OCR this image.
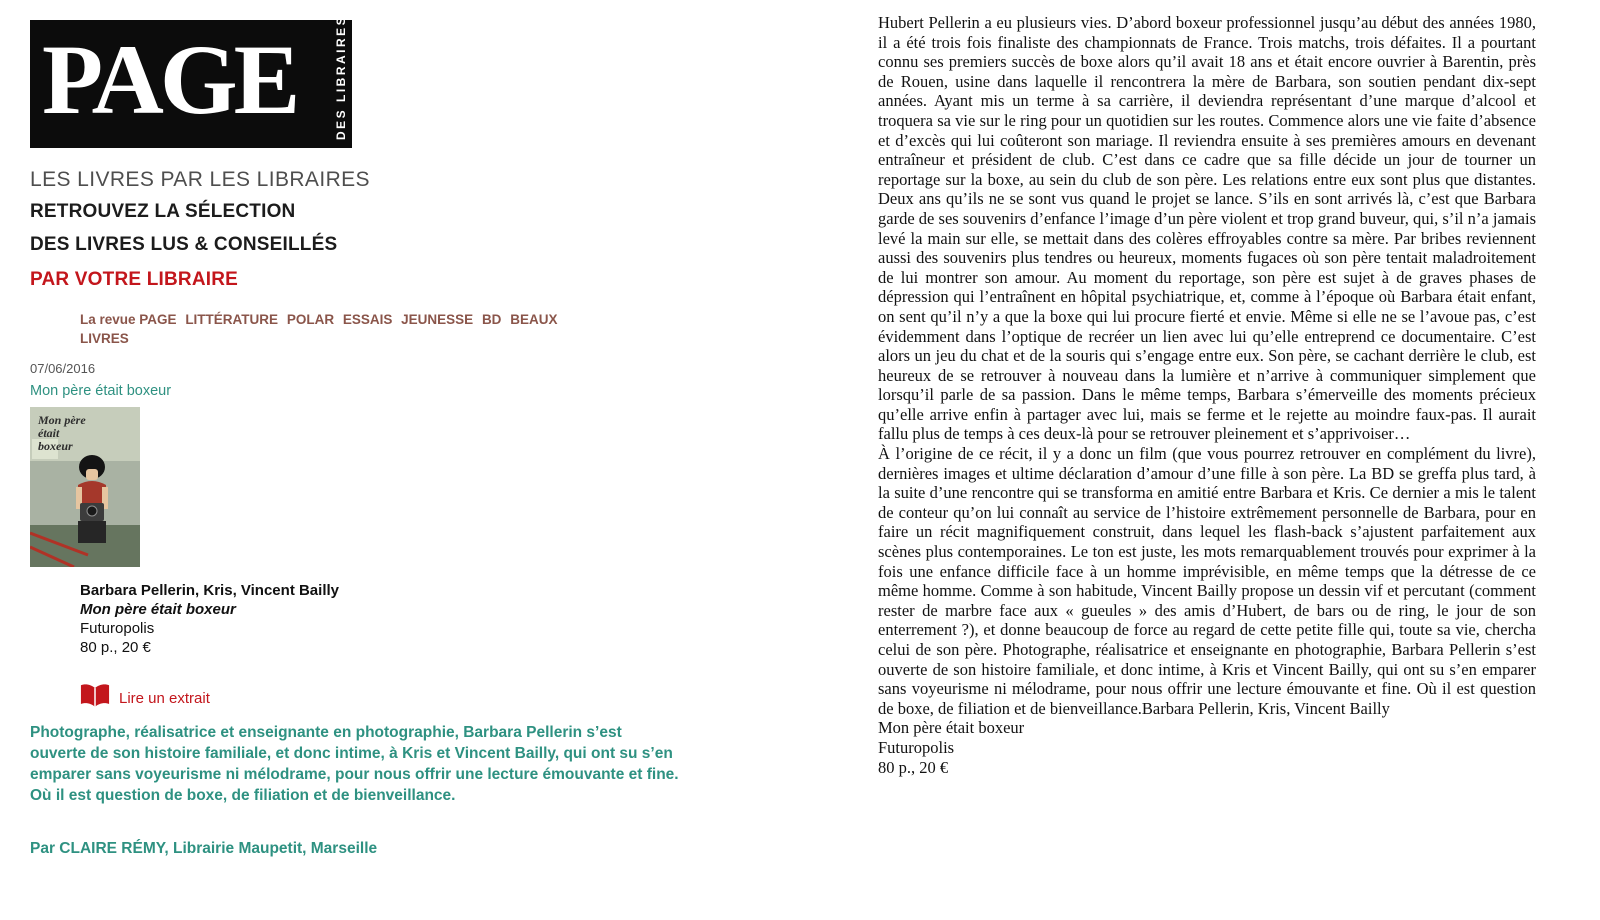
PAGE	DES LIBRAIRES
LES LIVRES PAR LES LIBRAIRES
RETROUVEZ LA SÉLECTION
DES LIVRES LUS & CONSEILLÉS
PAR VOTRE LIBRAIRE
La revue PAGE LITTÉRATURE POLAR ESSAIS JEUNESSE BD BEAUX LIVRES
07/06/2016
Mon père était boxeur
Mon père
était
boxeur
Barbara Pellerin, Kris, Vincent Bailly
Mon père était boxeur
Futuropolis
80 p., 20 €
Lire un extrait

Photographe, réalisatrice et enseignante en photographie, Barbara Pellerin s’est ouverte de son histoire familiale, et donc intime, à Kris et Vincent Bailly, qui ont su s’en emparer sans voyeurisme ni mélodrame, pour nous offrir une lecture émouvante et fine. Où il est question de boxe, de filiation et de bienveillance.

Par CLAIRE RÉMY, Librairie Maupetit, Marseille

Hubert Pellerin a eu plusieurs vies. D’abord boxeur professionnel jusqu’au début des années 1980, il a été trois fois finaliste des championnats de France. Trois matchs, trois défaites. Il a pourtant connu ses premiers succès de boxe alors qu’il avait 18 ans et était encore ouvrier à Barentin, près de Rouen, usine dans laquelle il rencontrera la mère de Barbara, son soutien pendant dix-sept années. Ayant mis un terme à sa carrière, il deviendra représentant d’une marque d’alcool et troquera sa vie sur le ring pour un quotidien sur les routes. Commence alors une vie faite d’absence et d’excès qui lui coûteront son mariage. Il reviendra ensuite à ses premières amours en devenant entraîneur et président de club. C’est dans ce cadre que sa fille décide un jour de tourner un reportage sur la boxe, au sein du club de son père. Les relations entre eux sont plus que distantes. Deux ans qu’ils ne se sont vus quand le projet se lance. S’ils en sont arrivés là, c’est que Barbara garde de ses souvenirs d’enfance l’image d’un père violent et trop grand buveur, qui, s’il n’a jamais levé la main sur elle, se mettait dans des colères effroyables contre sa mère. Par bribes reviennent aussi des souvenirs plus tendres ou heureux, moments fugaces où son père tentait maladroitement de lui montrer son amour. Au moment du reportage, son père est sujet à de graves phases de dépression qui l’entraînent en hôpital psychiatrique, et, comme à l’époque où Barbara était enfant, on sent qu’il n’y a que la boxe qui lui procure fierté et envie. Même si elle ne se l’avoue pas, c’est évidemment dans l’optique de recréer un lien avec lui qu’elle entreprend ce documentaire. C’est alors un jeu du chat et de la souris qui s’engage entre eux. Son père, se cachant derrière le club, est heureux de se retrouver à nouveau dans la lumière et n’arrive à communiquer simplement que lorsqu’il parle de sa passion. Dans le même temps, Barbara s’émerveille des moments précieux qu’elle arrive enfin à partager avec lui, mais se ferme et le rejette au moindre faux-pas. Il aurait fallu plus de temps à ces deux-là pour se retrouver pleinement et s’apprivoiser…

À l’origine de ce récit, il y a donc un film (que vous pourrez retrouver en complément du livre), dernières images et ultime déclaration d’amour d’une fille à son père. La BD se greffa plus tard, à la suite d’une rencontre qui se transforma en amitié entre Barbara et Kris. Ce dernier a mis le talent de conteur qu’on lui connaît au service de l’histoire extrêmement personnelle de Barbara, pour en faire un récit magnifiquement construit, dans lequel les flash-back s’ajustent parfaitement aux scènes plus contemporaines. Le ton est juste, les mots remarquablement trouvés pour exprimer à la fois une enfance difficile face à un homme imprévisible, en même temps que la détresse de ce même homme. Comme à son habitude, Vincent Bailly propose un dessin vif et percutant (comment rester de marbre face aux « gueules » des amis d’Hubert, de bars ou de ring, le jour de son enterrement ?), et donne beaucoup de force au regard de cette petite fille qui, toute sa vie, chercha celui de son père. Photographe, réalisatrice et enseignante en photographie, Barbara Pellerin s’est ouverte de son histoire familiale, et donc intime, à Kris et Vincent Bailly, qui ont su s’en emparer sans voyeurisme ni mélodrame, pour nous offrir une lecture émouvante et fine. Où il est question de boxe, de filiation et de bienveillance.Barbara Pellerin, Kris, Vincent Bailly

Mon père était boxeur
Futuropolis
80 p., 20 €
